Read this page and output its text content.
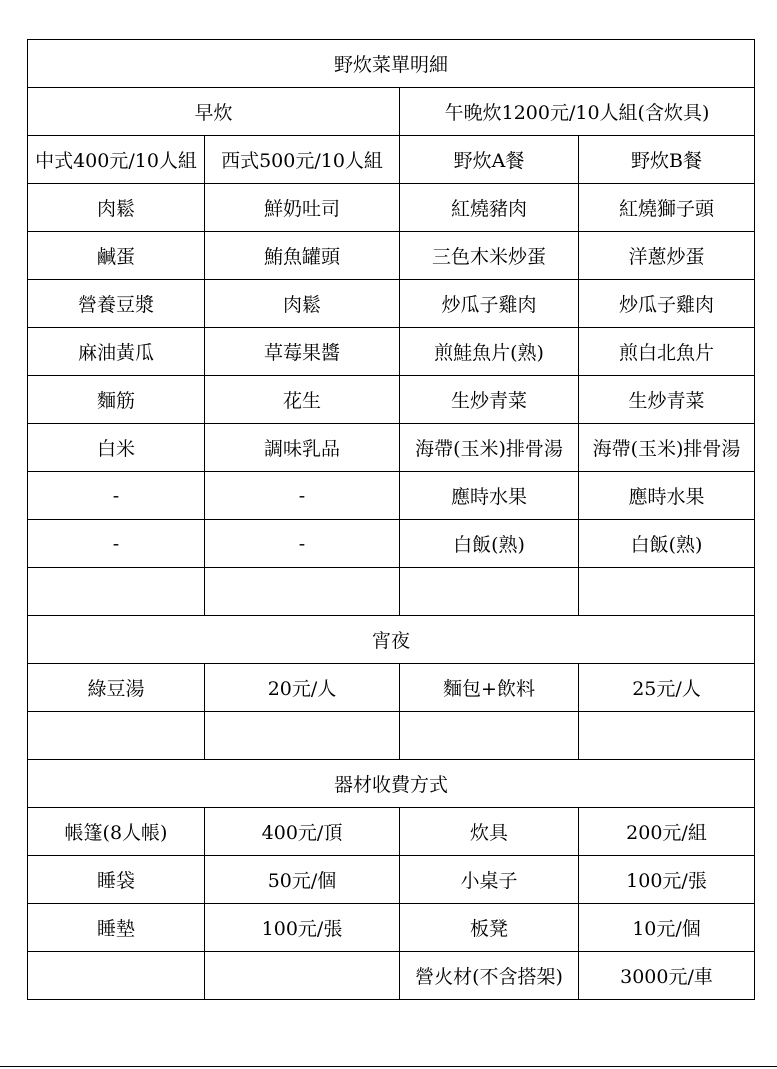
野炊菜單明細			
早炊		午晚炊1200元/10人組(含炊具)	
中式400元/10人組	西式500元/10人組	野炊A餐	野炊B餐
肉鬆	鮮奶吐司	紅燒豬肉	紅燒獅子頭
鹹蛋	鮪魚罐頭	三色木米炒蛋	洋蔥炒蛋
營養豆漿	肉鬆	炒瓜子雞肉	炒瓜子雞肉
麻油黃瓜	草莓果醬	煎鮭魚片(熟)	煎白北魚片
麵筋	花生	生炒青菜	生炒青菜
白米	調味乳品	海帶(玉米)排骨湯	海帶(玉米)排骨湯
-	-	應時水果	應時水果
-	-	白飯(熟)	白飯(熟)

宵夜			
綠豆湯	20元/人	麵包+飲料	25元/人

器材收費方式			
帳篷(8人帳)	400元/頂	炊具	200元/組
睡袋	50元/個	小桌子	100元/張
睡墊	100元/張	板凳	10元/個
		營火材(不含搭架)	3000元/車
